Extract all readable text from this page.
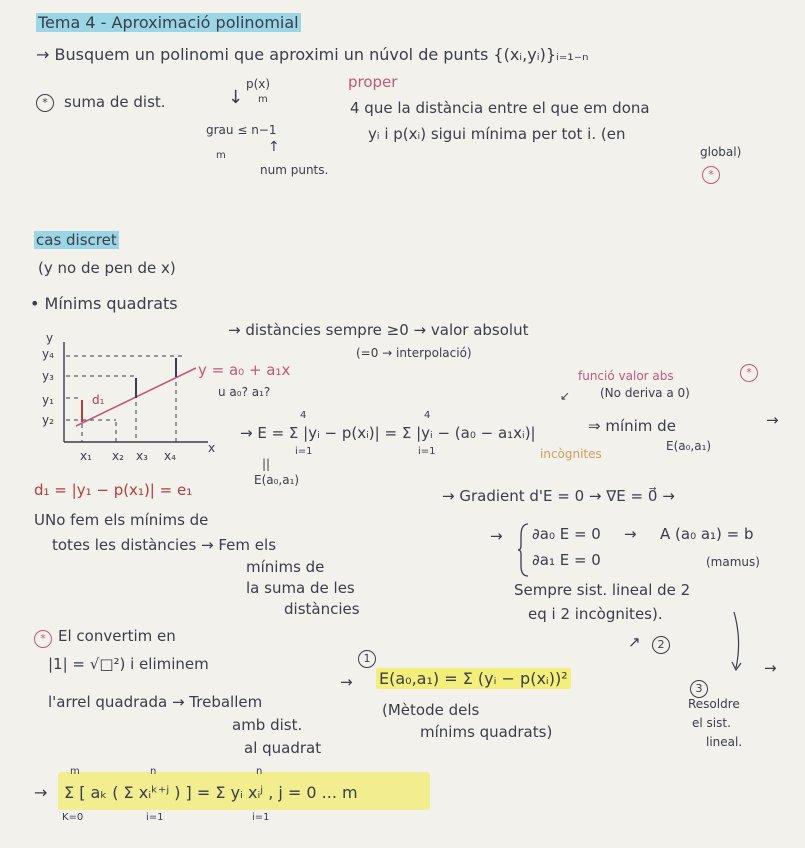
Tema 4 - Aproximació polinomial
→ Busquem un polinomi que aproximi un núvol de punts {(xᵢ,yᵢ)}ᵢ₌₁₋ₙ
proper
*	suma de dist.	↓
p(x)
m
grau ≤ n−1
m
↑
num punts.
4 que la distància entre el que em dona
yᵢ i p(xᵢ) sigui mínima per tot i. (en
global)
*
cas discret
(y no de pen de x)
• Mínims quadrats
→ distàncies sempre ≥0 → valor absolut
(=0 → interpolació)
funció valor abs	*
(No deriva a 0)
↙
y
y₄
y₃
y₁
y₂
d₁
x₁ x₂ x₃ x₄
x
y = a₀ + a₁x
u a₀? a₁?
→ E = Σ |yᵢ − p(xᵢ)| = Σ |yᵢ − (a₀ − a₁xᵢ)|
4
i=1
4
i=1
⇒ mínim de	→
E(a₀,a₁)
incògnites
||
E(a₀,a₁)
d₁ = |y₁ − p(x₁)| = e₁
UNo fem els mínims de
totes les distàncies → Fem els
mínims de
la suma de les
distàncies
→ Gradient d'E = 0 → ∇E = 0⃗ →
→ ∂a₀ E = 0
∂a₁ E = 0
→ A (a₀ a₁) = b
(mamus)
Sempre sist. lineal de 2
eq i 2 incògnites).
2
↗
3
→
Resoldre
el sist.
lineal.
* El convertim en
|1| = √□²) i eliminem
l'arrel quadrada → Treballem
amb dist.
al quadrat
1
→ E(a₀,a₁) = Σ (yᵢ − p(xᵢ))²
(Mètode dels
mínims quadrats)
→
m
K=0
n
i=1
n
i=1
Σ [ aₖ ( Σ xᵢᵏ⁺ʲ ) ] = Σ yᵢ xᵢʲ , j = 0 ... m
